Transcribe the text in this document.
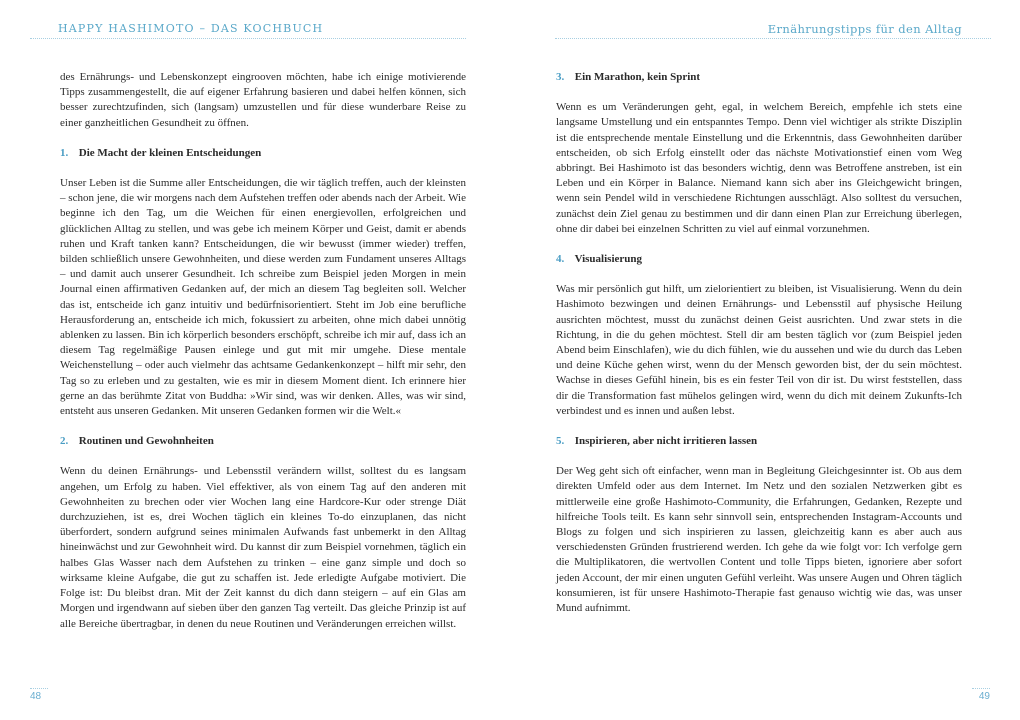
HAPPY HASHIMOTO – DAS KOCHBUCH

des Ernährungs- und Lebenskonzept eingrooven möchten, habe ich einige motivierende Tipps zusammengestellt, die auf eigener Erfahrung basieren und dabei helfen können, sich besser zurechtzufinden, sich (langsam) umzustellen und für diese wunderbare Reise zu einer ganzheitlichen Gesundheit zu öffnen.

1. Die Macht der kleinen Entscheidungen

Unser Leben ist die Summe aller Entscheidungen, die wir täglich treffen, auch der kleinsten – schon jene, die wir morgens nach dem Aufstehen treffen oder abends nach der Arbeit. Wie beginne ich den Tag, um die Weichen für einen energievollen, erfolgreichen und glücklichen Alltag zu stellen, und was gebe ich meinem Körper und Geist, damit er abends ruhen und Kraft tanken kann? Entscheidungen, die wir bewusst (immer wieder) treffen, bilden schließlich unsere Gewohnheiten, und diese werden zum Fundament unseres Alltags – und damit auch unserer Gesundheit. Ich schreibe zum Beispiel jeden Morgen in mein Journal einen affirmativen Gedanken auf, der mich an diesem Tag begleiten soll. Welcher das ist, entscheide ich ganz intuitiv und bedürfnisorientiert. Steht im Job eine berufliche Herausforderung an, entscheide ich mich, fokussiert zu arbeiten, ohne mich dabei unnötig ablenken zu lassen. Bin ich körperlich besonders erschöpft, schreibe ich mir auf, dass ich an diesem Tag regelmäßige Pausen einlege und gut mit mir umgehe. Diese mentale Weichenstellung – oder auch vielmehr das achtsame Gedankenkonzept – hilft mir sehr, den Tag so zu erleben und zu gestalten, wie es mir in diesem Moment dient. Ich erinnere hier gerne an das berühmte Zitat von Buddha: »Wir sind, was wir denken. Alles, was wir sind, entsteht aus unseren Gedanken. Mit unseren Gedanken formen wir die Welt.«

2. Routinen und Gewohnheiten

Wenn du deinen Ernährungs- und Lebensstil verändern willst, solltest du es langsam angehen, um Erfolg zu haben. Viel effektiver, als von einem Tag auf den anderen mit Gewohnheiten zu brechen oder vier Wochen lang eine Hardcore-Kur oder strenge Diät durchzuziehen, ist es, drei Wochen täglich ein kleines To-do einzuplanen, das nicht überfordert, sondern aufgrund seines minimalen Aufwands fast unbemerkt in den Alltag hineinwächst und zur Gewohnheit wird. Du kannst dir zum Beispiel vornehmen, täglich ein halbes Glas Wasser nach dem Aufstehen zu trinken – eine ganz simple und doch so wirksame kleine Aufgabe, die gut zu schaffen ist. Jede erledigte Aufgabe motiviert. Die Folge ist: Du bleibst dran. Mit der Zeit kannst du dich dann steigern – auf ein Glas am Morgen und irgendwann auf sieben über den ganzen Tag verteilt. Das gleiche Prinzip ist auf alle Bereiche übertragbar, in denen du neue Routinen und Veränderungen erreichen willst.

48
Ernährungstipps für den Alltag
3. Ein Marathon, kein Sprint

Wenn es um Veränderungen geht, egal, in welchem Bereich, empfehle ich stets eine langsame Umstellung und ein entspanntes Tempo. Denn viel wichtiger als strikte Disziplin ist die entsprechende mentale Einstellung und die Erkenntnis, dass Gewohnheiten darüber entscheiden, ob sich Erfolg einstellt oder das nächste Motivationstief einen vom Weg abbringt. Bei Hashimoto ist das besonders wichtig, denn was Betroffene anstreben, ist ein Leben und ein Körper in Balance. Niemand kann sich aber ins Gleichgewicht bringen, wenn sein Pendel wild in verschiedene Richtungen ausschlägt. Also solltest du versuchen, zunächst dein Ziel genau zu bestimmen und dir dann einen Plan zur Erreichung überlegen, ohne dir dabei bei einzelnen Schritten zu viel auf einmal vorzunehmen.

4. Visualisierung

Was mir persönlich gut hilft, um zielorientiert zu bleiben, ist Visualisierung. Wenn du dein Hashimoto bezwingen und deinen Ernährungs- und Lebensstil auf physische Heilung ausrichten möchtest, musst du zunächst deinen Geist ausrichten. Und zwar stets in die Richtung, in die du gehen möchtest. Stell dir am besten täglich vor (zum Beispiel jeden Abend beim Einschlafen), wie du dich fühlen, wie du aussehen und wie du durch das Leben und deine Küche gehen wirst, wenn du der Mensch geworden bist, der du sein möchtest. Wachse in dieses Gefühl hinein, bis es ein fester Teil von dir ist. Du wirst feststellen, dass dir die Transformation fast mühelos gelingen wird, wenn du dich mit deinem Zukunfts-Ich verbindest und es innen und außen lebst.

5. Inspirieren, aber nicht irritieren lassen

Der Weg geht sich oft einfacher, wenn man in Begleitung Gleichgesinnter ist. Ob aus dem direkten Umfeld oder aus dem Internet. Im Netz und den sozialen Netzwerken gibt es mittlerweile eine große Hashimoto-Community, die Erfahrungen, Gedanken, Rezepte und hilfreiche Tools teilt. Es kann sehr sinnvoll sein, entsprechenden Instagram-Accounts und Blogs zu folgen und sich inspirieren zu lassen, gleichzeitig kann es aber auch aus verschiedensten Gründen frustrierend werden. Ich gehe da wie folgt vor: Ich verfolge gern die Multiplikatoren, die wertvollen Content und tolle Tipps bieten, ignoriere aber sofort jeden Account, der mir einen unguten Gefühl verleiht. Was unsere Augen und Ohren täglich konsumieren, ist für unsere Hashimoto-Therapie fast genauso wichtig wie das, was unser Mund aufnimmt.

49
